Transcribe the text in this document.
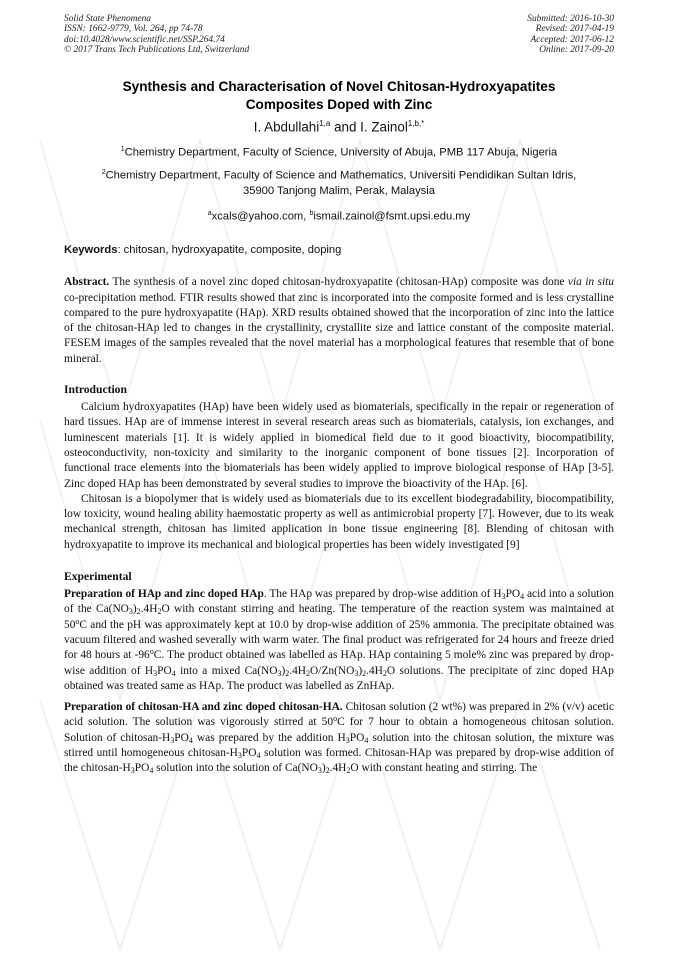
Solid State Phenomena
ISSN: 1662-9779, Vol. 264, pp 74-78
doi:10.4028/www.scientific.net/SSP.264.74
© 2017 Trans Tech Publications Ltd, Switzerland
Submitted: 2016-10-30
Revised: 2017-04-19
Accepted: 2017-06-12
Online: 2017-09-20
Synthesis and Characterisation of Novel Chitosan-Hydroxyapatites
Composites Doped with Zinc
I. Abdullahi$^{1,a}$ and I. Zainol$^{1,b,*}$
$^1$Chemistry Department, Faculty of Science, University of Abuja, PMB 117 Abuja, Nigeria
$^2$Chemistry Department, Faculty of Science and Mathematics, Universiti Pendidikan Sultan Idris,
35900 Tanjong Malim, Perak, Malaysia
$^a$xcals@yahoo.com, $^b$ismail.zainol@fsmt.upsi.edu.my
Keywords: chitosan, hydroxyapatite, composite, doping
Abstract. The synthesis of a novel zinc doped chitosan-hydroxyapatite (chitosan-HAp) composite was done via in situ co-precipitation method. FTIR results showed that zinc is incorporated into the composite formed and is less crystalline compared to the pure hydroxyapatite (HAp). XRD results obtained showed that the incorporation of zinc into the lattice of the chitosan-HAp led to changes in the crystallinity, crystallite size and lattice constant of the composite material. FESEM images of the samples revealed that the novel material has a morphological features that resemble that of bone mineral.
Introduction

Calcium hydroxyapatites (HAp) have been widely used as biomaterials, specifically in the repair or regeneration of hard tissues. HAp are of immense interest in several research areas such as biomaterials, catalysis, ion exchanges, and luminescent materials [1]. It is widely applied in biomedical field due to it good bioactivity, biocompatibility, osteoconductivity, non-toxicity and similarity to the inorganic component of bone tissues [2]. Incorporation of functional trace elements into the biomaterials has been widely applied to improve biological response of HAp [3-5]. Zinc doped HAp has been demonstrated by several studies to improve the bioactivity of the HAp. [6].

Chitosan is a biopolymer that is widely used as biomaterials due to its excellent biodegradability, biocompatibility, low toxicity, wound healing ability haemostatic property as well as antimicrobial property [7]. However, due to its weak mechanical strength, chitosan has limited application in bone tissue engineering [8]. Blending of chitosan with hydroxyapatite to improve its mechanical and biological properties has been widely investigated [9]

Experimental

Preparation of HAp and zinc doped HAp. The HAp was prepared by drop-wise addition of $H_3PO_4$ acid into a solution of the $Ca(NO_3)_2.4H_2O$ with constant stirring and heating. The temperature of the reaction system was maintained at 50$^o$C and the pH was approximately kept at 10.0 by drop-wise addition of 25% ammonia. The precipitate obtained was vacuum filtered and washed severally with warm water. The final product was refrigerated for 24 hours and freeze dried for 48 hours at -96$^o$C. The product obtained was labelled as HAp. HAp containing 5 mole% zinc was prepared by drop-wise addition of $H_3PO_4$ into a mixed $Ca(NO_3)_2.4H_2O/Zn(NO_3)_2.4H_2O$ solutions. The precipitate of zinc doped HAp obtained was treated same as HAp. The product was labelled as ZnHAp.

Preparation of chitosan-HA and zinc doped chitosan-HA. Chitosan solution (2 wt%) was prepared in 2% (v/v) acetic acid solution. The solution was vigorously stirred at 50$^o$C for 7 hour to obtain a homogeneous chitosan solution. Solution of chitosan-$H_3PO_4$ was prepared by the addition $H_3PO_4$ solution into the chitosan solution, the mixture was stirred until homogeneous chitosan-$H_3PO_4$ solution was formed. Chitosan-HAp was prepared by drop-wise addition of the chitosan-$H_3PO_4$ solution into the solution of $Ca(NO_3)_2.4H_2O$ with constant heating and stirring. The
